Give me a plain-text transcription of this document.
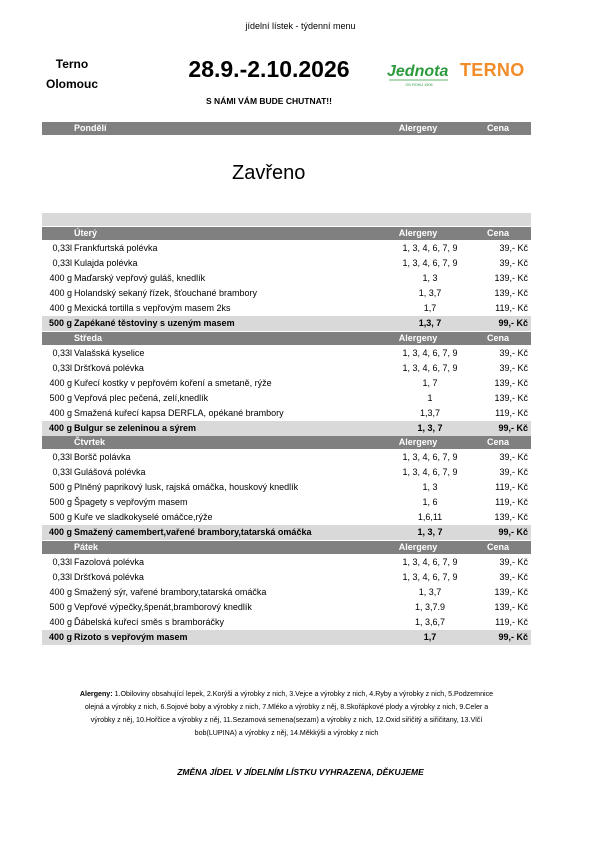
jídelní lístek - týdenní menu
Terno
Olomouc
28.9.-2.10.2026
S NÁMI VÁM BUDE CHUTNAT!!
Jednota
OD ROKU 1906
TERNO
Pondělí	Alergeny	Cena
Zavřeno
Úterý	Alergeny	Cena
0,33l Frankfurtská polévka	1, 3, 4, 6, 7, 9	39,- Kč
0,33l Kulajda polévka	1, 3, 4, 6, 7, 9	39,- Kč
400 g Maďarský vepřový guláš, knedlík	1, 3	139,- Kč
400 g Holandský sekaný řízek, šťouchané brambory	1, 3,7	139,- Kč
400 g Mexická tortilla s vepřovým masem 2ks	1,7	119,- Kč
500 g Zapékané těstoviny s uzeným masem	1,3, 7	99,- Kč
Středa	Alergeny	Cena
0,33l Valašská kyselice	1, 3, 4, 6, 7, 9	39,- Kč
0,33l Dršťková polévka	1, 3, 4, 6, 7, 9	39,- Kč
400 g Kuřecí kostky v pepřovém koření a smetaně, rýže	1, 7	139,- Kč
500 g Vepřová plec pečená, zelí,knedlík	1	139,- Kč
400 g Smažená kuřecí kapsa DERFLA, opékané brambory	1,3,7	119,- Kč
400 g Bulgur se zeleninou a sýrem	1, 3, 7	99,- Kč
Čtvrtek	Alergeny	Cena
0,33l Boršč polávka	1, 3, 4, 6, 7, 9	39,- Kč
0,33l Gulášová polévka	1, 3, 4, 6, 7, 9	39,- Kč
500 g Plněný paprikový lusk, rajská omáčka, houskový knedlík	1, 3	119,- Kč
500 g Špagety s vepřovým masem	1, 6	119,- Kč
500 g Kuře ve sladkokyselé omáčce,rýže	1,6,11	139,- Kč
400 g Smažený camembert,vařené brambory,tatarská omáčka	1, 3, 7	99,- Kč
Pátek	Alergeny	Cena
0,33l Fazolová polévka	1, 3, 4, 6, 7, 9	39,- Kč
0,33l Dršťková polévka	1, 3, 4, 6, 7, 9	39,- Kč
400 g Smažený sýr, vařené brambory,tatarská omáčka	1, 3,7	139,- Kč
500 g Vepřové výpečky,špenát,bramborový knedlík	1, 3,7.9	139,- Kč
400 g Ďábelská kuřecí směs s bramboráčky	1, 3,6,7	119,- Kč
400 g Rizoto s vepřovým masem	1,7	99,- Kč
Alergeny: 1.Obiloviny obsahující lepek, 2.Korýši a výrobky z nich, 3.Vejce a výrobky z nich, 4.Ryby a výrobky z nich, 5.Podzemnice
olejná a výrobky z nich, 6.Sojové boby a výrobky z nich, 7.Mléko a výrobky z něj, 8.Skořápkové plody a výrobky z nich, 9.Celer a
výrobky z něj, 10.Hořčice a výrobky z něj, 11.Sezamová semena(sezam) a výrobky z nich, 12.Oxid siřičitý a siřičitany, 13.Vlčí
bob(LUPINA) a výrobky z něj, 14.Měkkýši a výrobky z nich
ZMĚNA JÍDEL V JÍDELNÍM LÍSTKU VYHRAZENA, DĚKUJEME
